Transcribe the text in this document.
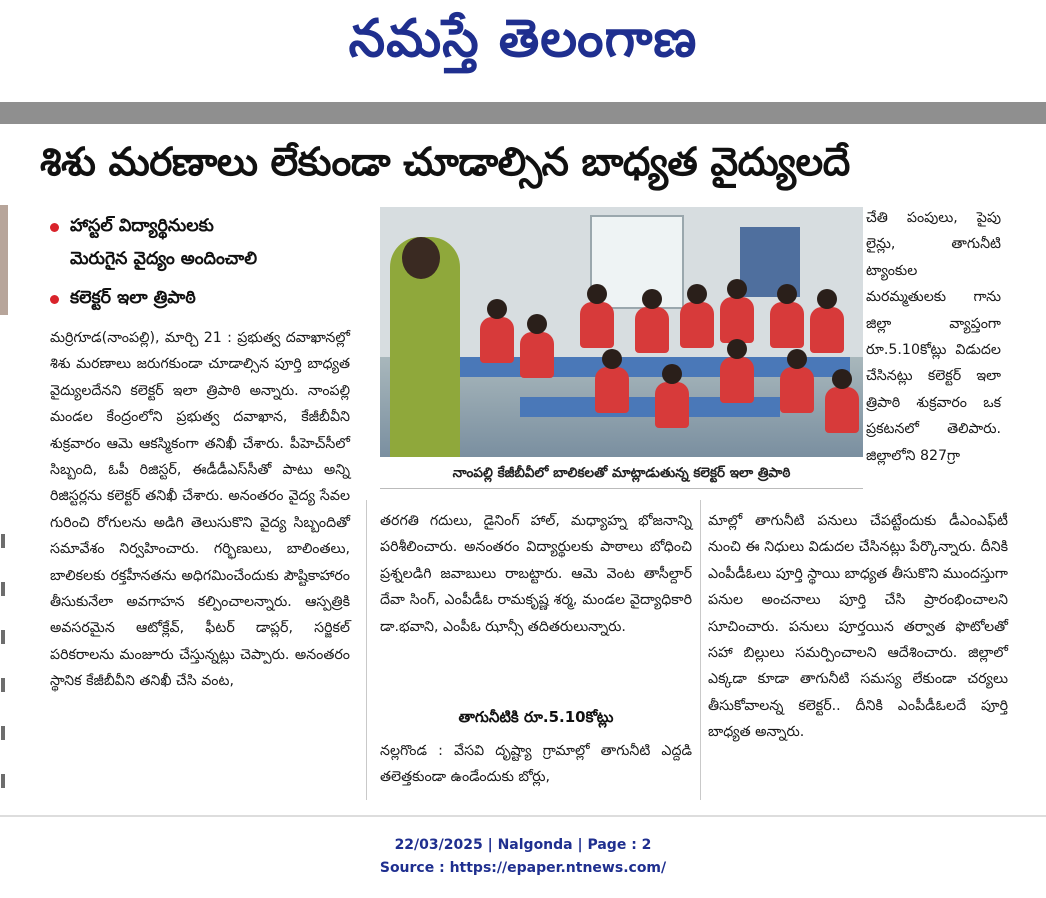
నమస్తే తెలంగాణ
శిశు మరణాలు లేకుండా చూడాల్సిన బాధ్యత వైద్యులదే
హాస్టల్ విద్యార్థినులకు
మెరుగైన వైద్యం అందించాలి
కలెక్టర్ ఇలా త్రిపాఠి

మర్రిగూడ(నాంపల్లి), మార్చి 21 : ప్రభుత్వ దవాఖానల్లో శిశు మరణాలు జరుగకుండా చూడాల్సిన పూర్తి బాధ్యత వైద్యులదేనని కలెక్టర్ ఇలా త్రిపాఠి అన్నారు. నాంపల్లి మండల కేంద్రంలోని ప్రభుత్వ దవాఖాన, కేజీబీవీని శుక్రవారం ఆమె ఆకస్మికంగా తనిఖీ చేశారు. పీహెచ్‌సీలో సిబ్బంది, ఓపీ రిజిస్టర్, ఈడీడీఎస్‌సీతో పాటు అన్ని రిజిస్టర్లను కలెక్టర్ తనిఖీ చేశారు. అనంతరం వైద్య సేవల గురించి రోగులను అడిగి తెలుసుకొని వైద్య సిబ్బందితో సమావేశం నిర్వహించారు. గర్భిణులు, బాలింతలు, బాలికలకు రక్తహీనతను అధిగమించేందుకు పౌష్టికాహారం తీసుకునేలా అవగాహన కల్పించాలన్నారు. ఆస్పత్రికి అవసరమైన ఆటోక్లేవ్, ఫీటర్ డాప్లర్, సర్జికల్ పరికరాలను మంజూరు చేస్తున్నట్లు చెప్పారు. అనంతరం స్థానిక కేజీబీవీని తనిఖీ చేసి వంట,

నాంపల్లి కేజీబీవీలో బాలికలతో మాట్లాడుతున్న కలెక్టర్ ఇలా త్రిపాఠి

చేతి పంపులు, పైపు లైన్లు, తాగునీటి ట్యాంకుల మరమ్మతులకు గాను జిల్లా వ్యాప్తంగా రూ.5.10కోట్లు విడుదల చేసినట్లు కలెక్టర్ ఇలా త్రిపాఠి శుక్రవారం ఒక ప్రకటనలో తెలిపారు. జిల్లాలోని 827గ్రా

తరగతి గదులు, డైనింగ్ హాల్, మధ్యాహ్న భోజనాన్ని పరిశీలించారు. అనంతరం విద్యార్థులకు పాఠాలు బోధించి ప్రశ్నలడిగి జవాబులు రాబట్టారు. ఆమె వెంట తాసీల్దార్ దేవా సింగ్, ఎంపీడీఓ రామకృష్ణ శర్మ, మండల వైద్యాధికారి డా.భవాని, ఎంపీఓ ఝాన్సీ తదితరులున్నారు.

తాగునీటికి రూ.5.10కోట్లు

నల్లగొండ : వేసవి దృష్ట్యా గ్రామాల్లో తాగునీటి ఎద్దడి తలెత్తకుండా ఉండేందుకు బోర్లు,

మాల్లో తాగునీటి పనులు చేపట్టేందుకు డీఎంఎఫ్‌టీ నుంచి ఈ నిధులు విడుదల చేసినట్లు పేర్కొన్నారు. దీనికి ఎంపీడీఓలు పూర్తి స్థాయి బాధ్యత తీసుకొని ముందస్తుగా పనుల అంచనాలు పూర్తి చేసి ప్రారంభించాలని సూచించారు. పనులు పూర్తయిన తర్వాత ఫొటోలతో సహా బిల్లులు సమర్పించాలని ఆదేశించారు. జిల్లాలో ఎక్కడా కూడా తాగునీటి సమస్య లేకుండా చర్యలు తీసుకోవాలన్న కలెక్టర్.. దీనికి ఎంపీడీఓలదే పూర్తి బాధ్యత అన్నారు.

22/03/2025 | Nalgonda | Page : 2
Source : https://epaper.ntnews.com/
